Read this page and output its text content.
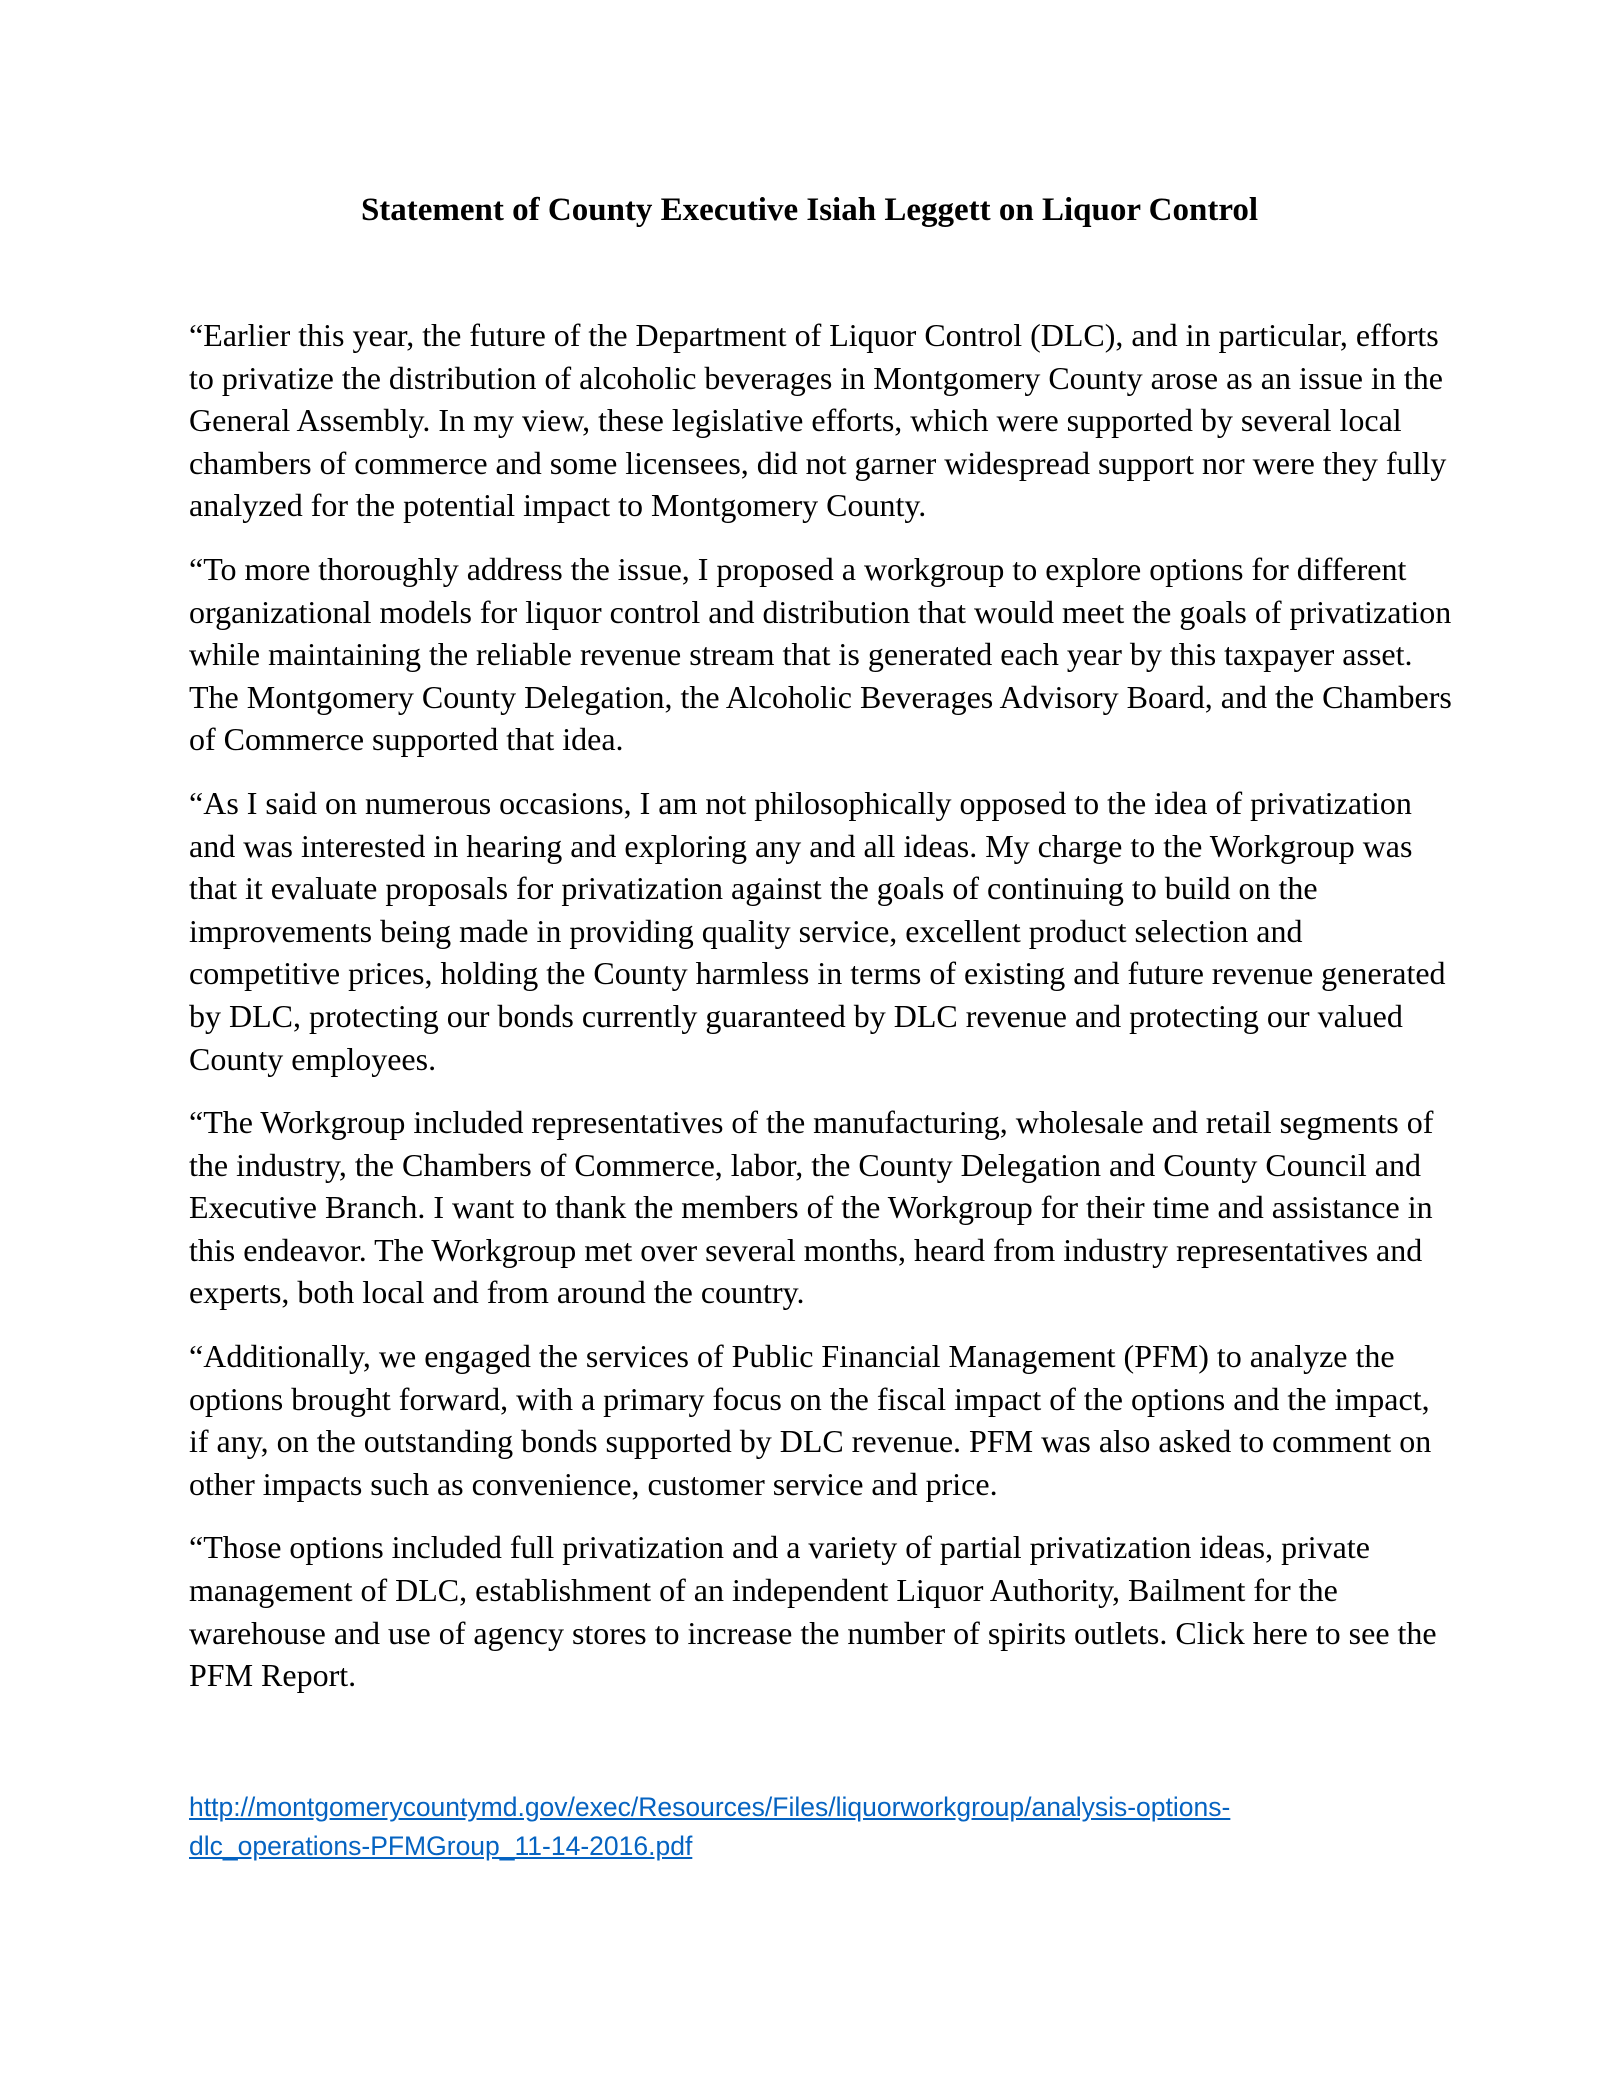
Statement of County Executive Isiah Leggett on Liquor Control

“Earlier this year, the future of the Department of Liquor Control (DLC), and in particular, efforts to privatize the distribution of alcoholic beverages in Montgomery County arose as an issue in the General Assembly. In my view, these legislative efforts, which were supported by several local chambers of commerce and some licensees, did not garner widespread support nor were they fully analyzed for the potential impact to Montgomery County.

“To more thoroughly address the issue, I proposed a workgroup to explore options for different organizational models for liquor control and distribution that would meet the goals of privatization while maintaining the reliable revenue stream that is generated each year by this taxpayer asset. The Montgomery County Delegation, the Alcoholic Beverages Advisory Board, and the Chambers of Commerce supported that idea.

“As I said on numerous occasions, I am not philosophically opposed to the idea of privatization and was interested in hearing and exploring any and all ideas. My charge to the Workgroup was that it evaluate proposals for privatization against the goals of continuing to build on the improvements being made in providing quality service, excellent product selection and competitive prices, holding the County harmless in terms of existing and future revenue generated by DLC, protecting our bonds currently guaranteed by DLC revenue and protecting our valued County employees.

“The Workgroup included representatives of the manufacturing, wholesale and retail segments of the industry, the Chambers of Commerce, labor, the County Delegation and County Council and Executive Branch. I want to thank the members of the Workgroup for their time and assistance in this endeavor. The Workgroup met over several months, heard from industry representatives and experts, both local and from around the country.

“Additionally, we engaged the services of Public Financial Management (PFM) to analyze the options brought forward, with a primary focus on the fiscal impact of the options and the impact, if any, on the outstanding bonds supported by DLC revenue. PFM was also asked to comment on other impacts such as convenience, customer service and price.

“Those options included full privatization and a variety of partial privatization ideas, private management of DLC, establishment of an independent Liquor Authority, Bailment for the warehouse and use of agency stores to increase the number of spirits outlets. Click here to see the PFM Report.

http://montgomerycountymd.gov/exec/Resources/Files/liquorworkgroup/analysis-options-
dlc_operations-PFMGroup_11-14-2016.pdf
